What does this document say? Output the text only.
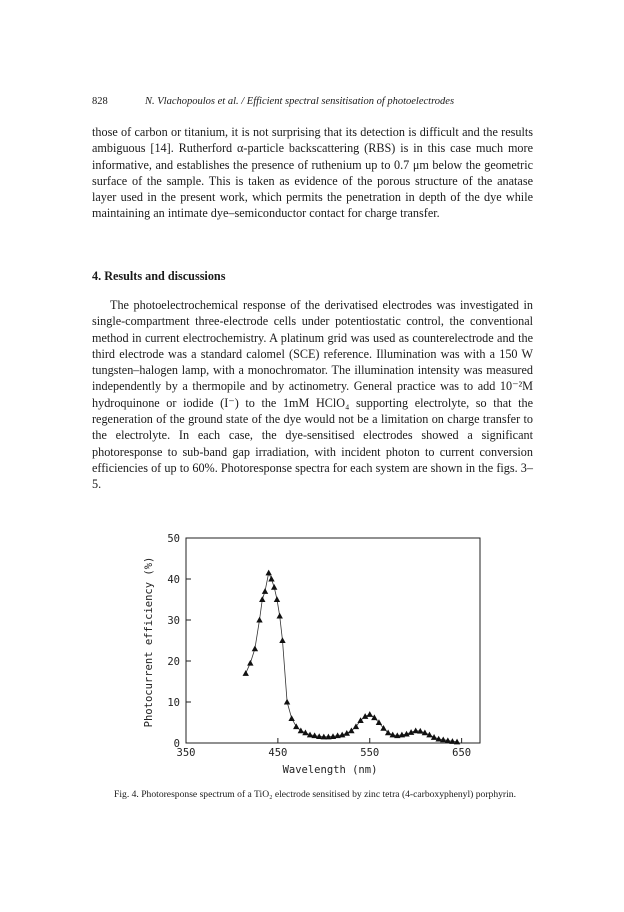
828	N. Vlachopoulos et al. / Efficient spectral sensitisation of photoelectrodes

those of carbon or titanium, it is not surprising that its detection is difficult and the results ambiguous [14]. Rutherford α-particle backscattering (RBS) is in this case much more informative, and establishes the presence of ruthenium up to 0.7 μm below the geometric surface of the sample. This is taken as evidence of the porous structure of the anatase layer used in the present work, which permits the penetration in depth of the dye while maintaining an intimate dye–semiconductor contact for charge transfer.

4. Results and discussions

The photoelectrochemical response of the derivatised electrodes was investigated in single-compartment three-electrode cells under potentiostatic control, the conventional method in current electrochemistry. A platinum grid was used as counterelectrode and the third electrode was a standard calomel (SCE) reference. Illumination was with a 150 W tungsten–halogen lamp, with a monochromator. The illumination intensity was measured independently by a thermopile and by actinometry. General practice was to add 10⁻²M hydroquinone or iodide (I⁻) to the 1mM HClO₄ supporting electrolyte, so that the regeneration of the ground state of the dye would not be a limitation on charge transfer to the electrolyte. In each case, the dye-sensitised electrodes showed a significant photoresponse to sub-band gap irradiation, with incident photon to current conversion efficiencies of up to 60%. Photoresponse spectra for each system are shown in the figs. 3–5.

Photocurrent efficiency (%)
Wavelength (nm)
0
10
20
30
40
50
350	450	550	650

Fig. 4. Photoresponse spectrum of a TiO₂ electrode sensitised by zinc tetra (4-carboxyphenyl) porphyrin.
